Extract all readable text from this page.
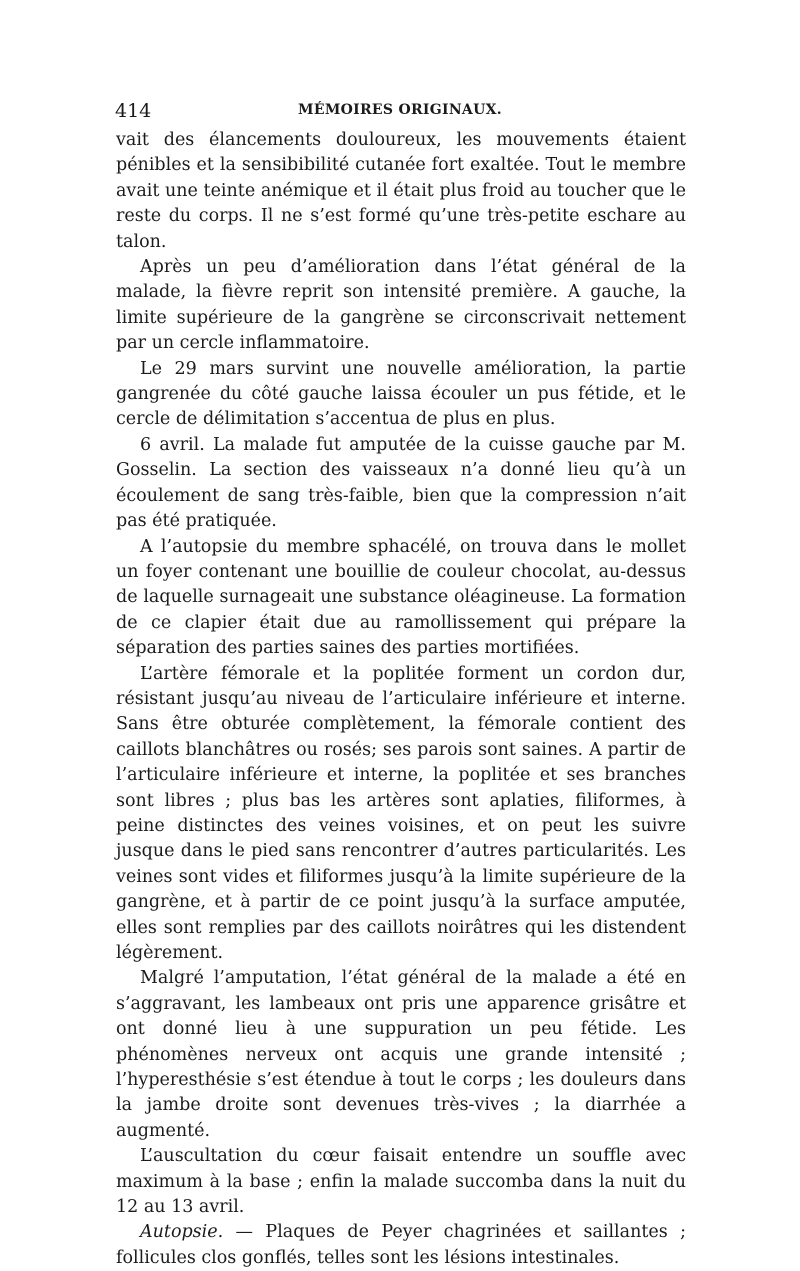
414	MÉMOIRES ORIGINAUX.

vait des élancements douloureux, les mouvements étaient pénibles et la sensibibilité cutanée fort exaltée. Tout le membre avait une teinte anémique et il était plus froid au toucher que le reste du corps. Il ne s’est formé qu’une très-petite eschare au talon.

Après un peu d’amélioration dans l’état général de la malade, la fièvre reprit son intensité première. A gauche, la limite supérieure de la gangrène se circonscrivait nettement par un cercle inflammatoire.

Le 29 mars survint une nouvelle amélioration, la partie gangrenée du côté gauche laissa écouler un pus fétide, et le cercle de délimitation s’accentua de plus en plus.

6 avril. La malade fut amputée de la cuisse gauche par M. Gosselin. La section des vaisseaux n’a donné lieu qu’à un écoulement de sang très-faible, bien que la compression n’ait pas été pratiquée.

A l’autopsie du membre sphacélé, on trouva dans le mollet un foyer contenant une bouillie de couleur chocolat, au-dessus de laquelle surnageait une substance oléagineuse. La formation de ce clapier était due au ramollissement qui prépare la séparation des parties saines des parties mortifiées.

L’artère fémorale et la poplitée forment un cordon dur, résistant jusqu’au niveau de l’articulaire inférieure et interne. Sans être obturée complètement, la fémorale contient des caillots blanchâtres ou rosés; ses parois sont saines. A partir de l’articulaire inférieure et interne, la poplitée et ses branches sont libres ; plus bas les artères sont aplaties, filiformes, à peine distinctes des veines voisines, et on peut les suivre jusque dans le pied sans rencontrer d’autres particularités. Les veines sont vides et filiformes jusqu’à la limite supérieure de la gangrène, et à partir de ce point jusqu’à la surface amputée, elles sont remplies par des caillots noirâtres qui les distendent légèrement.

Malgré l’amputation, l’état général de la malade a été en s’aggravant, les lambeaux ont pris une apparence grisâtre et ont donné lieu à une suppuration un peu fétide. Les phénomènes nerveux ont acquis une grande intensité ; l’hyperesthésie s’est étendue à tout le corps ; les douleurs dans la jambe droite sont devenues très-vives ; la diarrhée a augmenté.

L’auscultation du cœur faisait entendre un souffle avec maximum à la base ; enfin la malade succomba dans la nuit du 12 au 13 avril.

Autopsie. — Plaques de Peyer chagrinées et saillantes ; follicules clos gonflés, telles sont les lésions intestinales.
